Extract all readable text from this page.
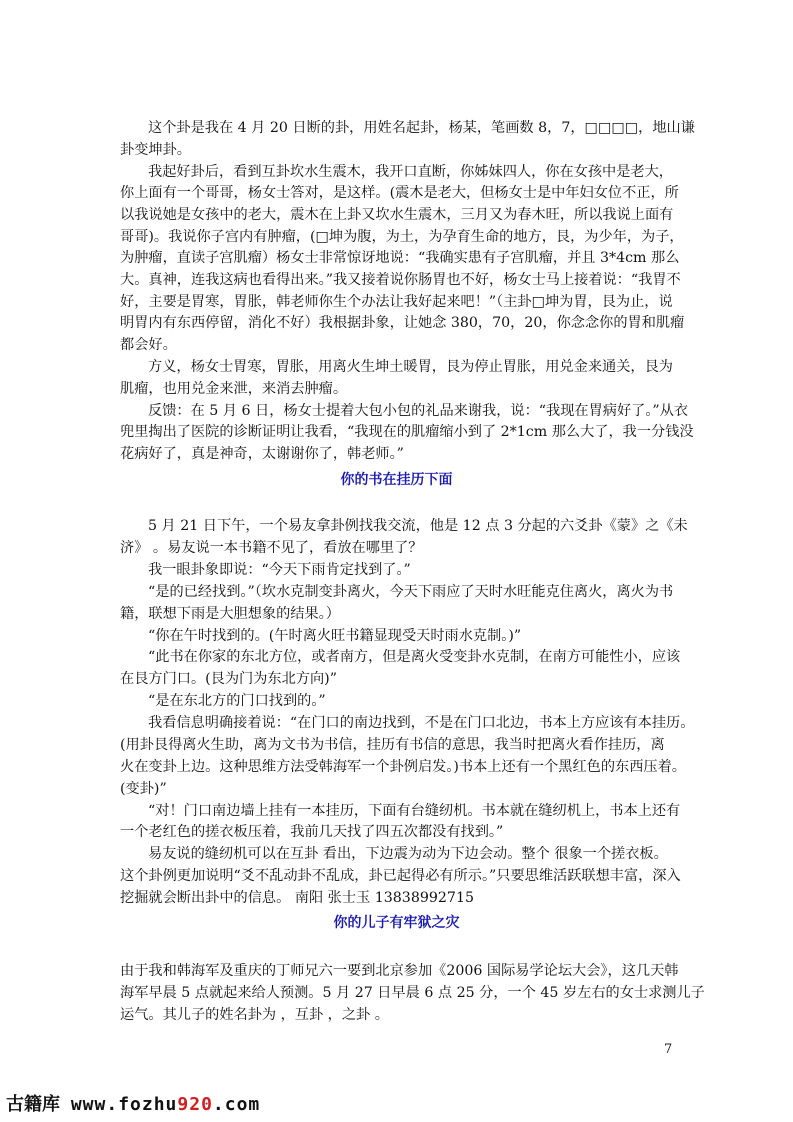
这个卦是我在 4 月 20 日断的卦，用姓名起卦，杨某，笔画数 8，7，□□□□，地山谦
卦变坤卦。
我起好卦后，看到互卦坎水生震木，我开口直断，你姊妹四人，你在女孩中是老大，
你上面有一个哥哥，杨女士答对，是这样。(震木是老大，但杨女士是中年妇女位不正，所
以我说她是女孩中的老大，震木在上卦又坎水生震木，三月又为春木旺，所以我说上面有
哥哥)。我说你子宫内有肿瘤，(□坤为腹，为土，为孕育生命的地方，艮，为少年，为子，
为肿瘤，直读子宫肌瘤）杨女士非常惊讶地说：“我确实患有子宫肌瘤，并且 3*4cm 那么
大。真神，连我这病也看得出来。”我又接着说你肠胃也不好，杨女士马上接着说：“我胃不
好，主要是胃寒，胃胀，韩老师你生个办法让我好起来吧！”（主卦□坤为胃，艮为止，说
明胃内有东西停留，消化不好）我根据卦象，让她念 380，70，20，你念念你的胃和肌瘤
都会好。
方义，杨女士胃寒，胃胀，用离火生坤土暖胃，艮为停止胃胀，用兑金来通关，艮为
肌瘤，也用兑金来泄，来消去肿瘤。
反馈：在 5 月 6 日，杨女士提着大包小包的礼品来谢我，说：“我现在胃病好了。”从衣
兜里掏出了医院的诊断证明让我看，“我现在的肌瘤缩小到了 2*1cm 那么大了，我一分钱没
花病好了，真是神奇，太谢谢你了，韩老师。”
你的书在挂历下面
5 月 21 日下午，一个易友拿卦例找我交流，他是 12 点 3 分起的六爻卦《蒙》之《未
济》 。易友说一本书籍不见了，看放在哪里了？
我一眼卦象即说：“今天下雨肯定找到了。”
“是的已经找到。”（坎水克制变卦离火，今天下雨应了天时水旺能克住离火，离火为书
籍，联想下雨是大胆想象的结果。）
“你在午时找到的。(午时离火旺书籍显现受天时雨水克制。)”
“此书在你家的东北方位，或者南方，但是离火受变卦水克制，在南方可能性小，应该
在艮方门口。(艮为门为东北方向)”
“是在东北方的门口找到的。”
我看信息明确接着说：“在门口的南边找到，不是在门口北边，书本上方应该有本挂历。
(用卦艮得离火生助，离为文书为书信，挂历有书信的意思，我当时把离火看作挂历，离
火在变卦上边。这种思维方法受韩海军一个卦例启发。)书本上还有一个黑红色的东西压着。
(变卦)”
“对！门口南边墙上挂有一本挂历，下面有台缝纫机。书本就在缝纫机上，书本上还有
一个老红色的搓衣板压着，我前几天找了四五次都没有找到。”
易友说的缝纫机可以在互卦 看出，下边震为动为下边会动。整个 很象一个搓衣板。
这个卦例更加说明“爻不乱动卦不乱成，卦已起得必有所示。”只要思维活跃联想丰富，深入
挖掘就会断出卦中的信息。 南阳 张士玉 13838992715
你的儿子有牢狱之灾
由于我和韩海军及重庆的丁师兄六一要到北京参加《2006 国际易学论坛大会》，这几天韩
海军早晨 5 点就起来给人预测。5 月 27 日早晨 6 点 25 分，一个 45 岁左右的女士求测儿子
运气。其儿子的姓名卦为 ，互卦 ，之卦 。
7
古籍库 www.fozhu920.com
